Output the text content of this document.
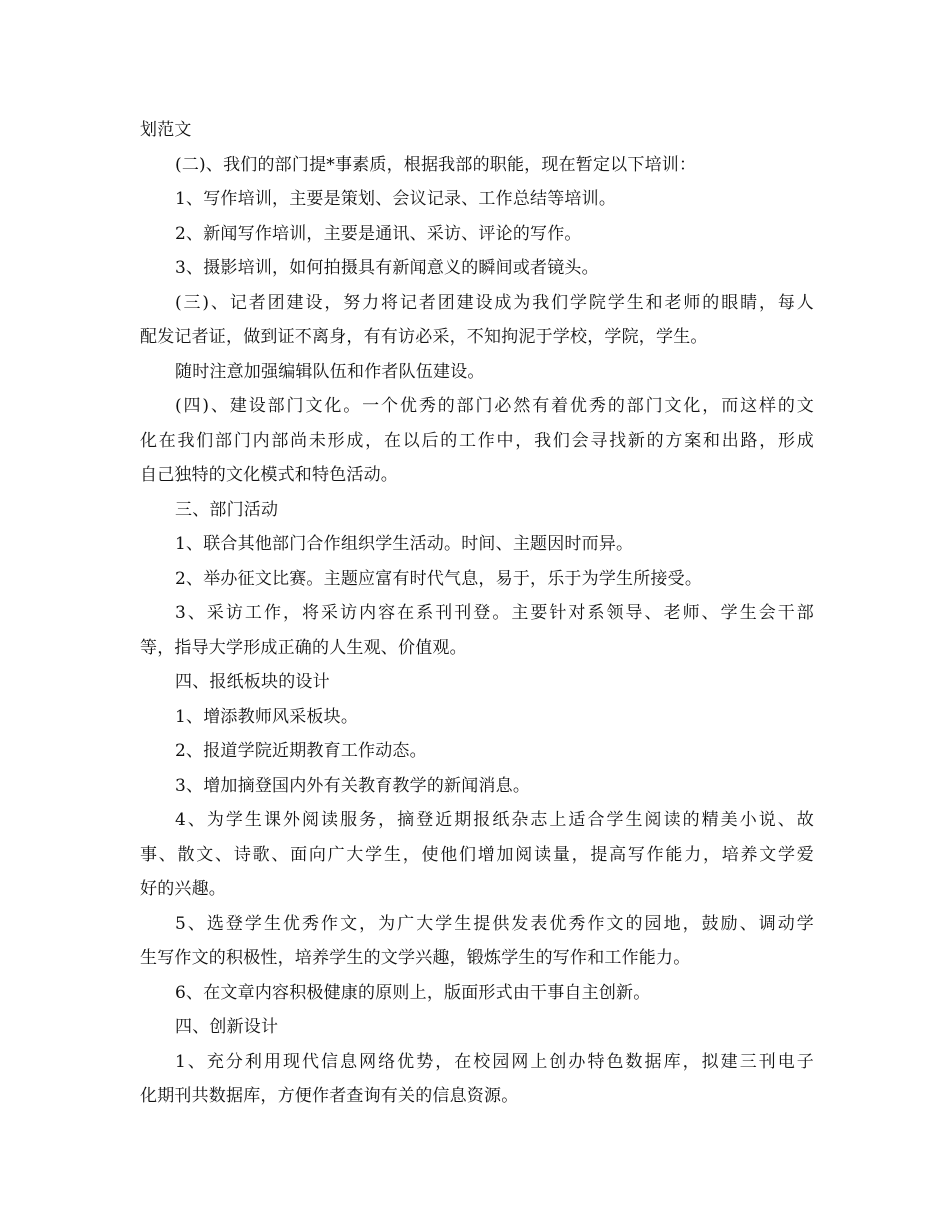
划范文
(二)、我们的部门提*事素质，根据我部的职能，现在暂定以下培训：
1、写作培训，主要是策划、会议记录、工作总结等培训。
2、新闻写作培训，主要是通讯、采访、评论的写作。
3、摄影培训，如何拍摄具有新闻意义的瞬间或者镜头。
(三)、记者团建设，努力将记者团建设成为我们学院学生和老师的眼睛，每人
配发记者证，做到证不离身，有有访必采，不知拘泥于学校，学院，学生。
随时注意加强编辑队伍和作者队伍建设。
(四)、建设部门文化。一个优秀的部门必然有着优秀的部门文化，而这样的文
化在我们部门内部尚未形成，在以后的工作中，我们会寻找新的方案和出路，形成
自己独特的文化模式和特色活动。
三、部门活动
1、联合其他部门合作组织学生活动。时间、主题因时而异。
2、举办征文比赛。主题应富有时代气息，易于，乐于为学生所接受。
3、采访工作，将采访内容在系刊刊登。主要针对系领导、老师、学生会干部
等，指导大学形成正确的人生观、价值观。
四、报纸板块的设计
1、增添教师风采板块。
2、报道学院近期教育工作动态。
3、增加摘登国内外有关教育教学的新闻消息。
4、为学生课外阅读服务，摘登近期报纸杂志上适合学生阅读的精美小说、故
事、散文、诗歌、面向广大学生，使他们增加阅读量，提高写作能力，培养文学爱
好的兴趣。
5、选登学生优秀作文，为广大学生提供发表优秀作文的园地，鼓励、调动学
生写作文的积极性，培养学生的文学兴趣，锻炼学生的写作和工作能力。
6、在文章内容积极健康的原则上，版面形式由干事自主创新。
四、创新设计
1、充分利用现代信息网络优势，在校园网上创办特色数据库，拟建三刊电子
化期刊共数据库，方便作者查询有关的信息资源。
